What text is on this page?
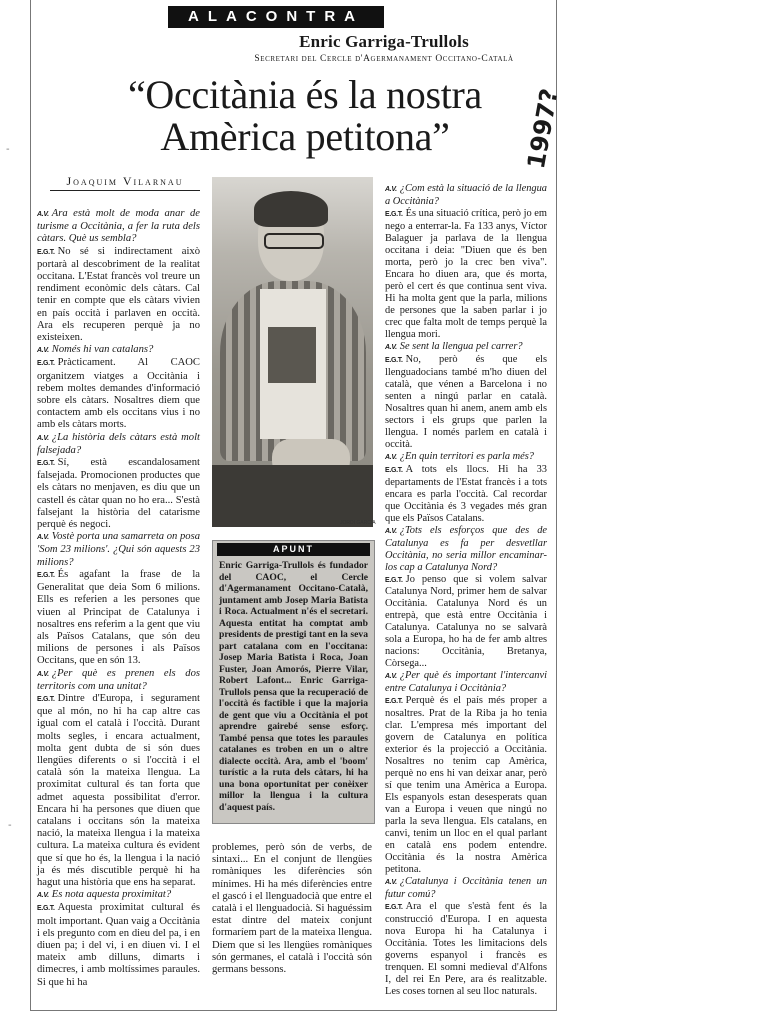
ALACONTRA
1997?
Enric Garriga-Trullols
Secretari del Cercle d'Agermanament Occitano-Català
“Occitània és la nostra Amèrica petitona”
Joaquim Vilarnau

A.V. Ara està molt de moda anar de turisme a Occitània, a fer la ruta dels càtars. Què us sembla?

E.G.T. No sé si indirectament això portarà al descobriment de la realitat occitana. L'Estat francès vol treure un rendiment econòmic dels càtars. Cal tenir en compte que els càtars vivien en país occità i parlaven en occità. Ara els recuperen perquè ja no existeixen.

A.V. Només hi van catalans?

E.G.T. Pràcticament. Al CAOC organitzem viatges a Occitània i rebem moltes demandes d'informació sobre els càtars. Nosaltres diem que contactem amb els occitans vius i no amb els càtars morts.

A.V. ¿La història dels càtars està molt falsejada?

E.G.T. Sí, està escandalosament falsejada. Promocionen productes que els càtars no menjaven, es diu que un castell és càtar quan no ho era... S'està falsejant la història del catarisme perquè és negoci.

A.V. Vostè porta una samarreta on posa 'Som 23 milions'. ¿Qui són aquests 23 milions?

E.G.T. És agafant la frase de la Generalitat que deia Som 6 milions. Ells es referien a les persones que viuen al Principat de Catalunya i nosaltres ens referim a la gent que viu als Països Catalans, que són deu milions de persones i als Països Occitans, que en són 13.

A.V. ¿Per què es prenen els dos territoris com una unitat?

E.G.T. Dintre d'Europa, i segurament que al món, no hi ha cap altre cas igual com el català i l'occità. Durant molts segles, i encara actualment, molta gent dubta de si són dues llengües diferents o si l'occità i el català són la mateixa llengua. La proximitat cultural és tan forta que admet aquesta possibilitat d'error. Encara hi ha persones que diuen que catalans i occitans són la mateixa nació, la mateixa llengua i la mateixa cultura. La mateixa cultura és evident que sí que ho és, la llengua i la nació ja és més discutible perquè hi ha hagut una història que ens ha separat.

A.V. Es nota aquesta proximitat?

E.G.T. Aquesta proximitat cultural és molt important. Quan vaig a Occitània i els pregunto com en dieu del pa, i en diuen pa; i del vi, i en diuen vi. I el mateix amb dilluns, dimarts i dimecres, i amb moltíssimes paraules. Si que hi ha

JORDI GARCIA
APUNT
Enric Garriga-Trullols és fundador del CAOC, el Cercle d'Agermanament Occitano-Català, juntament amb Josep Maria Batista i Roca. Actualment n'és el secretari. Aquesta entitat ha comptat amb presidents de prestigi tant en la seva part catalana com en l'occitana: Josep Maria Batista i Roca, Joan Fuster, Joan Amorós, Pierre Vilar, Robert Lafont... Enric Garriga-Trullols pensa que la recuperació de l'occità és factible i que la majoria de gent que viu a Occitània el pot aprendre gairebé sense esforç. També pensa que totes les paraules catalanes es troben en un o altre dialecte occità. Ara, amb el 'boom' turístic a la ruta dels càtars, hi ha una bona oportunitat per conèixer millor la llengua i la cultura d'aquest país.

problemes, però són de verbs, de sintaxi... En el conjunt de llengües romàniques les diferències són mínimes. Hi ha més diferències entre el gascó i el llenguadocià que entre el català i el llenguadocià. Si haguéssim estat dintre del mateix conjunt formaríem part de la mateixa llengua. Diem que si les llengües romàniques són germanes, el català i l'occità són germans bessons.

A.V. ¿Com està la situació de la llengua a Occitània?

E.G.T. És una situació crítica, però jo em nego a enterrar-la. Fa 133 anys, Víctor Balaguer ja parlava de la llengua occitana i deia: "Diuen que és ben morta, però jo la crec ben viva". Encara ho diuen ara, que és morta, però el cert és que continua sent viva. Hi ha molta gent que la parla, milions de persones que la saben parlar i jo crec que falta molt de temps perquè la llengua mori.

A.V. Se sent la llengua pel carrer?

E.G.T. No, però és que els llenguadocians també m'ho diuen del català, que vénen a Barcelona i no senten a ningú parlar en català. Nosaltres quan hi anem, anem amb els sectors i els grups que parlen la llengua. I només parlem en català i occità.

A.V. ¿En quin territori es parla més?

E.G.T. A tots els llocs. Hi ha 33 departaments de l'Estat francès i a tots encara es parla l'occità. Cal recordar que Occitània és 3 vegades més gran que els Països Catalans.

A.V. ¿Tots els esforços que des de Catalunya es fa per desvetllar Occitània, no seria millor encaminar-los cap a Catalunya Nord?

E.G.T. Jo penso que si volem salvar Catalunya Nord, primer hem de salvar Occitània. Catalunya Nord és un entrepà, que està entre Occitània i Catalunya. Catalunya no se salvarà sola a Europa, ho ha de fer amb altres nacions: Occitània, Bretanya, Còrsega...

A.V. ¿Per què és important l'intercanvi entre Catalunya i Occitània?

E.G.T. Perquè és el país més proper a nosaltres. Prat de la Riba ja ho tenia clar. L'empresa més important del govern de Catalunya en política exterior és la projecció a Occitània. Nosaltres no tenim cap Amèrica, perquè no ens hi van deixar anar, però sí que tenim una Amèrica a Europa. Els espanyols estan desesperats quan van a Europa i veuen que ningú no parla la seva llengua. Els catalans, en canvi, tenim un lloc en el qual parlant en català ens podem entendre. Occitània és la nostra Amèrica petitona.

A.V. ¿Catalunya i Occitània tenen un futur comú?

E.G.T. Ara el que s'està fent és la construcció d'Europa. I en aquesta nova Europa hi ha Catalunya i Occitània. Totes les limitacions dels governs espanyol i francès es trenquen. El somni medieval d'Alfons I, del rei En Pere, ara és realitzable. Les coses tornen al seu lloc naturals.

-
-
